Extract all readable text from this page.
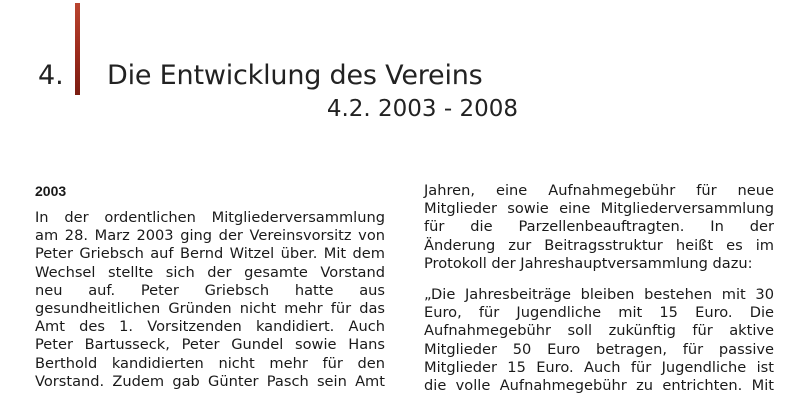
4. Die Entwicklung des Vereins
4.2. 2003 - 2008
2003
In der ordentlichen Mitgliederversammlung
am 28. Marz 2003 ging der Vereinsvorsitz von
Peter Griebsch auf Bernd Witzel über. Mit dem
Wechsel stellte sich der gesamte Vorstand
neu auf. Peter Griebsch hatte aus
gesundheitlichen Gründen nicht mehr für das
Amt des 1. Vorsitzenden kandidiert. Auch
Peter Bartusseck, Peter Gundel sowie Hans
Berthold kandidierten nicht mehr für den
Vorstand. Zudem gab Günter Pasch sein Amt
Jahren, eine Aufnahmegebühr für neue
Mitglieder sowie eine Mitgliederversammlung
für die Parzellenbeauftragten. In der
Änderung zur Beitragsstruktur heißt es im
Protokoll der Jahreshauptversammlung dazu:
„Die Jahresbeiträge bleiben bestehen mit 30
Euro, für Jugendliche mit 15 Euro. Die
Aufnahmegebühr soll zukünftig für aktive
Mitglieder 50 Euro betragen, für passive
Mitglieder 15 Euro. Auch für Jugendliche ist
die volle Aufnahmegebühr zu entrichten. Mit
